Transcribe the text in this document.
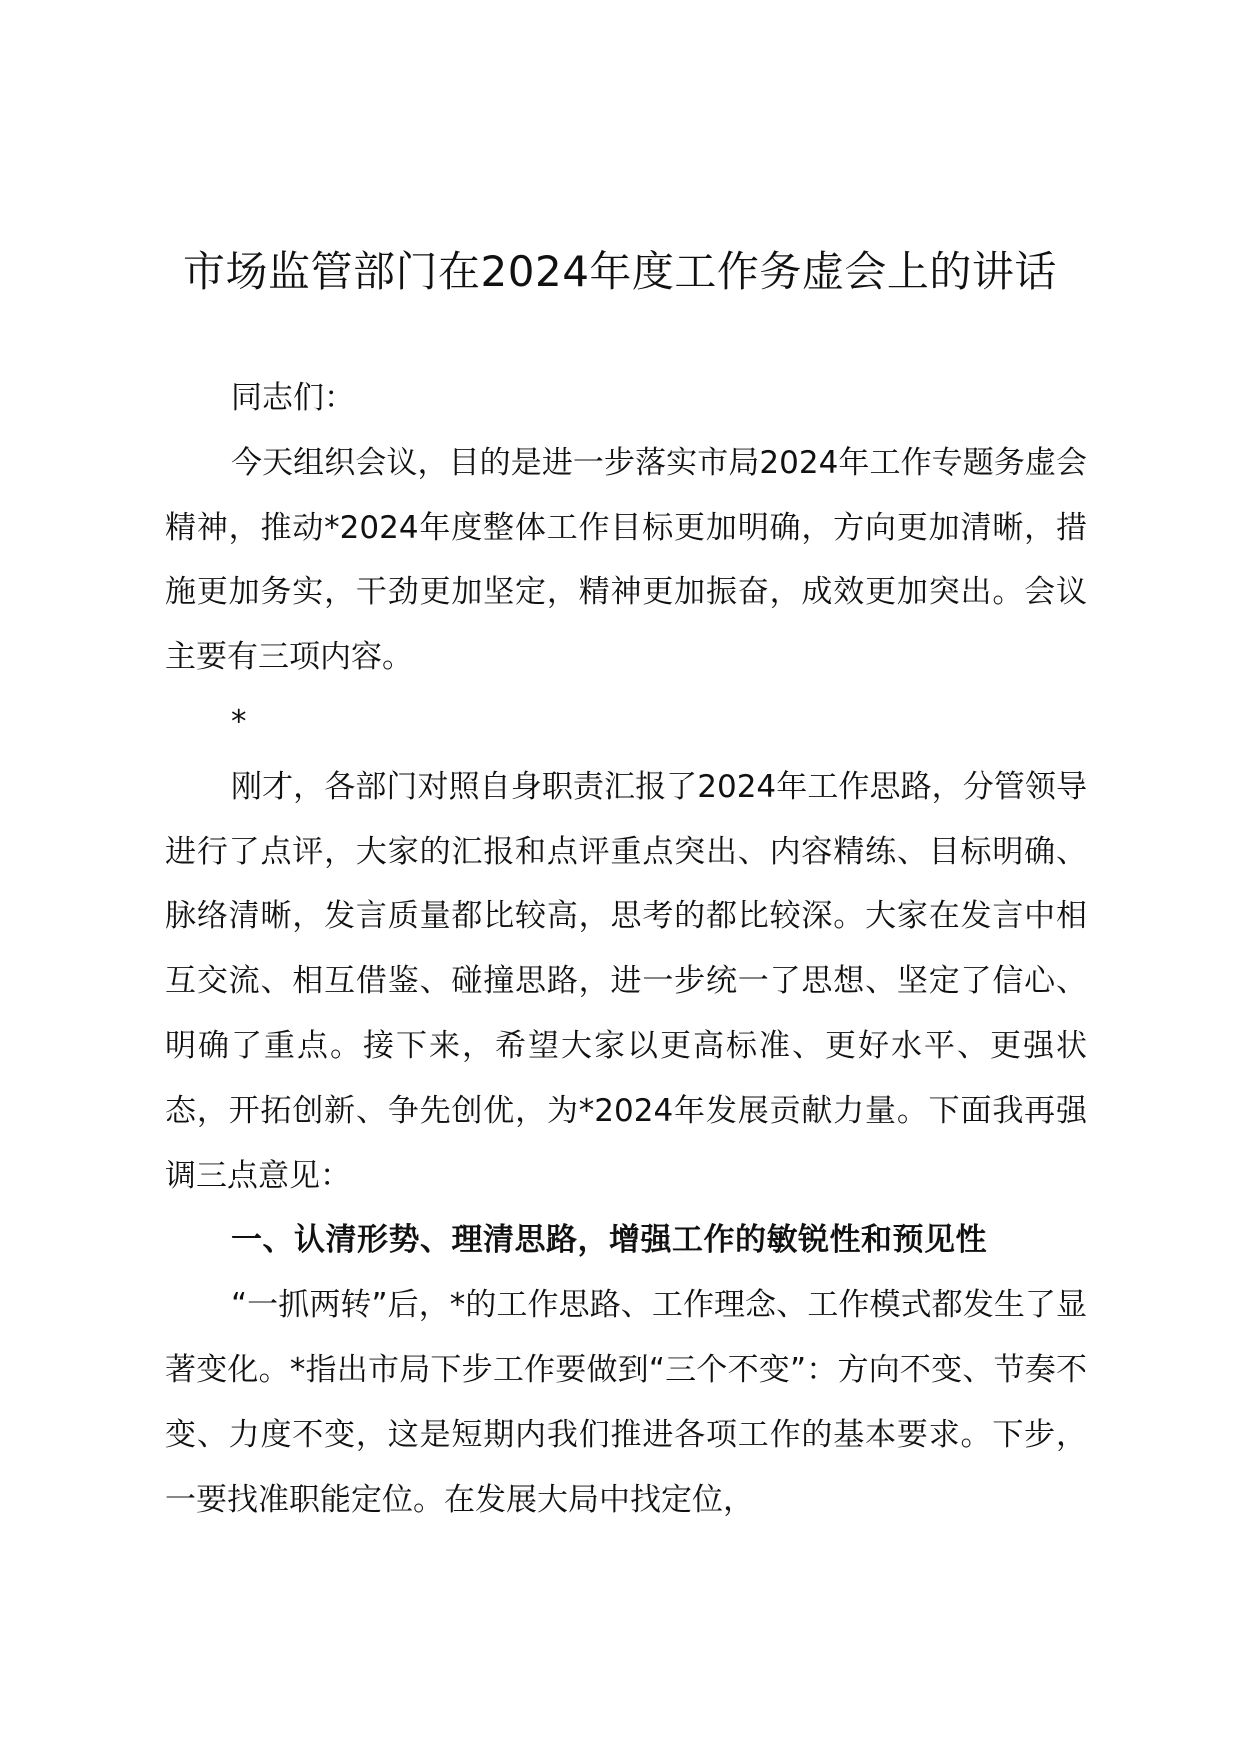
市场监管部门在2024年度工作务虚会上的讲话

同志们：

今天组织会议，目的是进一步落实市局2024年工作专题务虚会精神，推动*2024年度整体工作目标更加明确，方向更加清晰，措施更加务实，干劲更加坚定，精神更加振奋，成效更加突出。会议主要有三项内容。

*

刚才，各部门对照自身职责汇报了2024年工作思路，分管领导进行了点评，大家的汇报和点评重点突出、内容精练、目标明确、脉络清晰，发言质量都比较高，思考的都比较深。大家在发言中相互交流、相互借鉴、碰撞思路，进一步统一了思想、坚定了信心、明确了重点。接下来，希望大家以更高标准、更好水平、更强状态，开拓创新、争先创优，为*2024年发展贡献力量。下面我再强调三点意见：

一、认清形势、理清思路，增强工作的敏锐性和预见性

“一抓两转”后，*的工作思路、工作理念、工作模式都发生了显著变化。*指出市局下步工作要做到“三个不变”：方向不变、节奏不变、力度不变，这是短期内我们推进各项工作的基本要求。下步，一要找准职能定位。在发展大局中找定位，
